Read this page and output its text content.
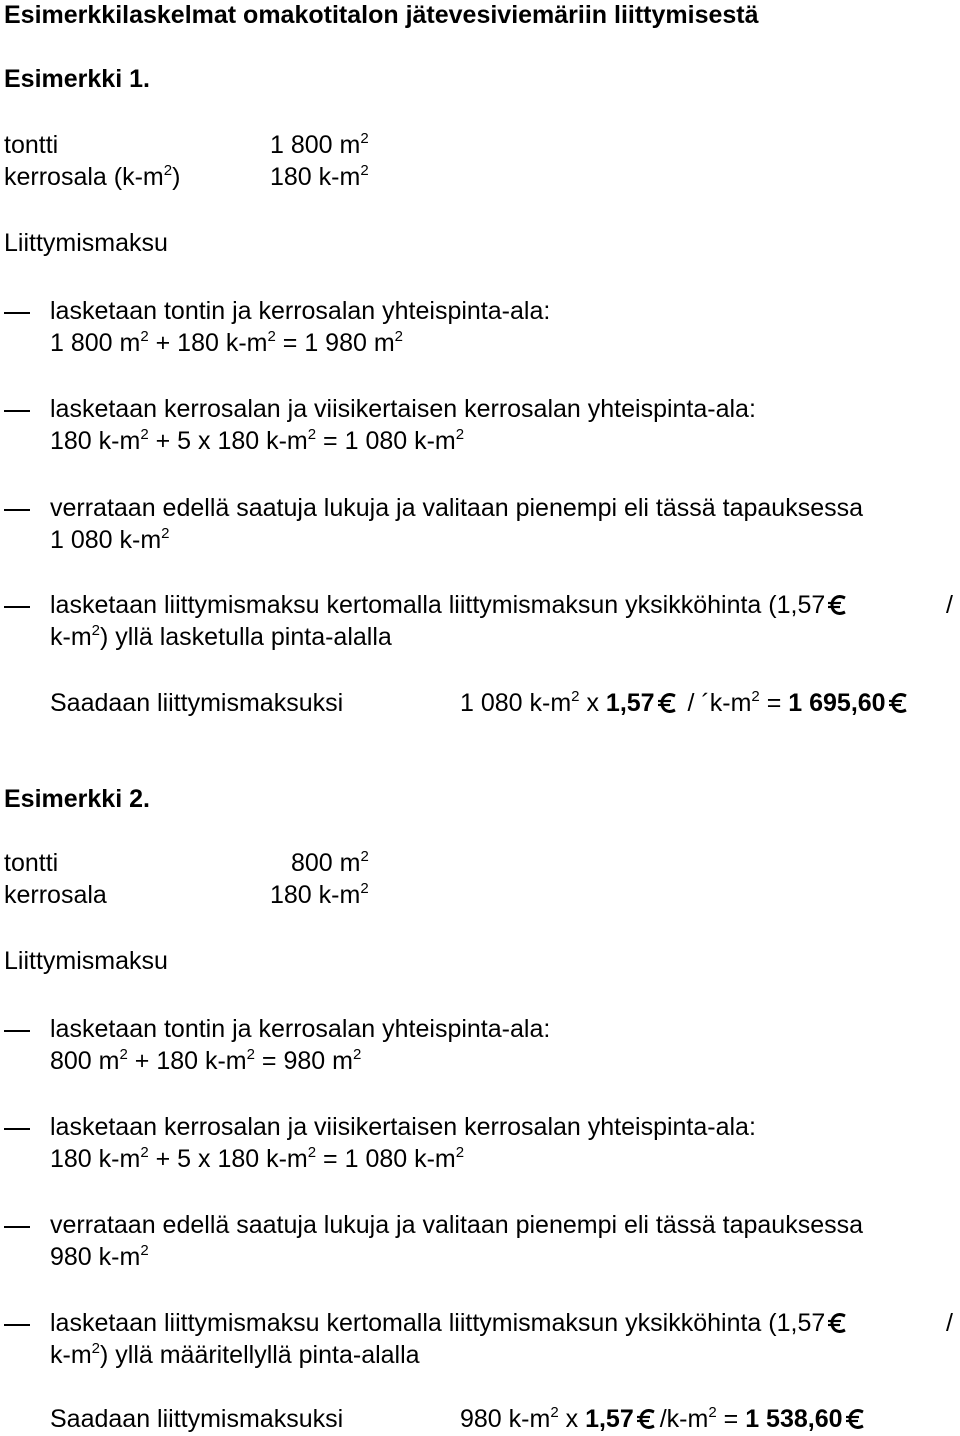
Esimerkkilaskelmat omakotitalon jätevesiviemäriin liittymisestä
Esimerkki 1.
tontti	1 800 $m^2$
kerrosala $(k-m^2)$	180 $k-m^2$
Liittymismaksu
lasketaan tontin ja kerrosalan yhteispinta-ala:
1 800 $m^2 + 180$ $k-m^2 = 1$ 980 $m^2$
lasketaan kerrosalan ja viisikertaisen kerrosalan yhteispinta-ala:
180 $k-m^2 + 5$ x 180 $k-m^2 = 1$ 080 $k-m^2$
verrataan edellä saatuja lukuja ja valitaan pienempi eli tässä tapauksessa
1 080 $k-m^2$
lasketaan liittymismaksu kertomalla liittymismaksun yksikköhinta (1,57	/
$k-m^2$) yllä lasketulla pinta-alalla
Saadaan liittymismaksuksi	1 080 $k-m^2$ x 1,57
/ $´k-m^2 = 1$ 695,60
Esimerkki 2.
tontti	800 $m^2$
kerrosala	180 $k-m^2$
Liittymismaksu
lasketaan tontin ja kerrosalan yhteispinta-ala:
800 $m^2 + 180$ $k-m^2 = 980$ $m^2$
lasketaan kerrosalan ja viisikertaisen kerrosalan yhteispinta-ala:
180 $k-m^2 + 5$ x 180 $k-m^2 = 1$ 080 $k-m^2$
verrataan edellä saatuja lukuja ja valitaan pienempi eli tässä tapauksessa
980 $k-m^2$
lasketaan liittymismaksu kertomalla liittymismaksun yksikköhinta (1,57	/
$k-m^2$) yllä määritellyllä pinta-alalla
Saadaan liittymismaksuksi	980 $k-m^2$ x 1,57 $/k-m^2 = 1$ 538,60
